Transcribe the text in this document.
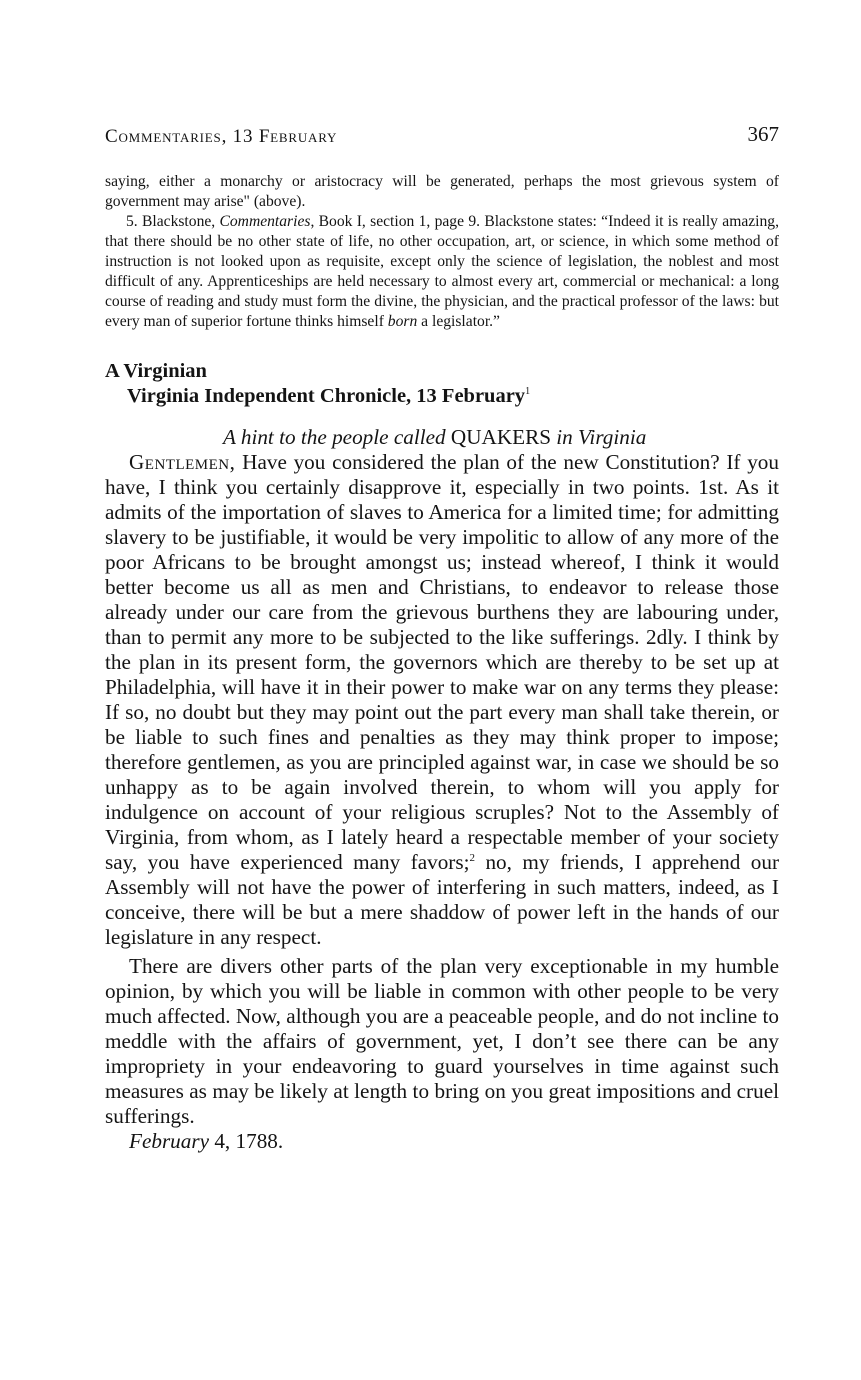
Commentaries, 13 February	367

saying, either a monarchy or aristocracy will be generated, perhaps the most grievous system of government may arise" (above).

5. Blackstone, Commentaries, Book I, section 1, page 9. Blackstone states: “Indeed it is really amazing, that there should be no other state of life, no other occupation, art, or science, in which some method of instruction is not looked upon as requisite, except only the science of legislation, the noblest and most difficult of any. Apprenticeships are held necessary to almost every art, commercial or mechanical: a long course of reading and study must form the divine, the physician, and the practical professor of the laws: but every man of superior fortune thinks himself born a legislator.”

A Virginian
Virginia Independent Chronicle, 13 February$^1$

A hint to the people called QUAKERS in Virginia

Gentlemen, Have you considered the plan of the new Constitution? If you have, I think you certainly disapprove it, especially in two points. 1st. As it admits of the importation of slaves to America for a limited time; for admitting slavery to be justifiable, it would be very impolitic to allow of any more of the poor Africans to be brought amongst us; instead whereof, I think it would better become us all as men and Christians, to endeavor to release those already under our care from the grievous burthens they are labouring under, than to permit any more to be subjected to the like sufferings. 2dly. I think by the plan in its present form, the governors which are thereby to be set up at Philadelphia, will have it in their power to make war on any terms they please: If so, no doubt but they may point out the part every man shall take therein, or be liable to such fines and penalties as they may think proper to impose; therefore gentlemen, as you are principled against war, in case we should be so unhappy as to be again involved therein, to whom will you apply for indulgence on account of your religious scruples? Not to the Assembly of Virginia, from whom, as I lately heard a respectable member of your society say, you have experienced many favors;$^2$ no, my friends, I apprehend our Assembly will not have the power of interfering in such matters, indeed, as I conceive, there will be but a mere shaddow of power left in the hands of our legislature in any respect.

There are divers other parts of the plan very exceptionable in my humble opinion, by which you will be liable in common with other people to be very much affected. Now, although you are a peaceable people, and do not incline to meddle with the affairs of government, yet, I don’t see there can be any impropriety in your endeavoring to guard yourselves in time against such measures as may be likely at length to bring on you great impositions and cruel sufferings.

February 4, 1788.
